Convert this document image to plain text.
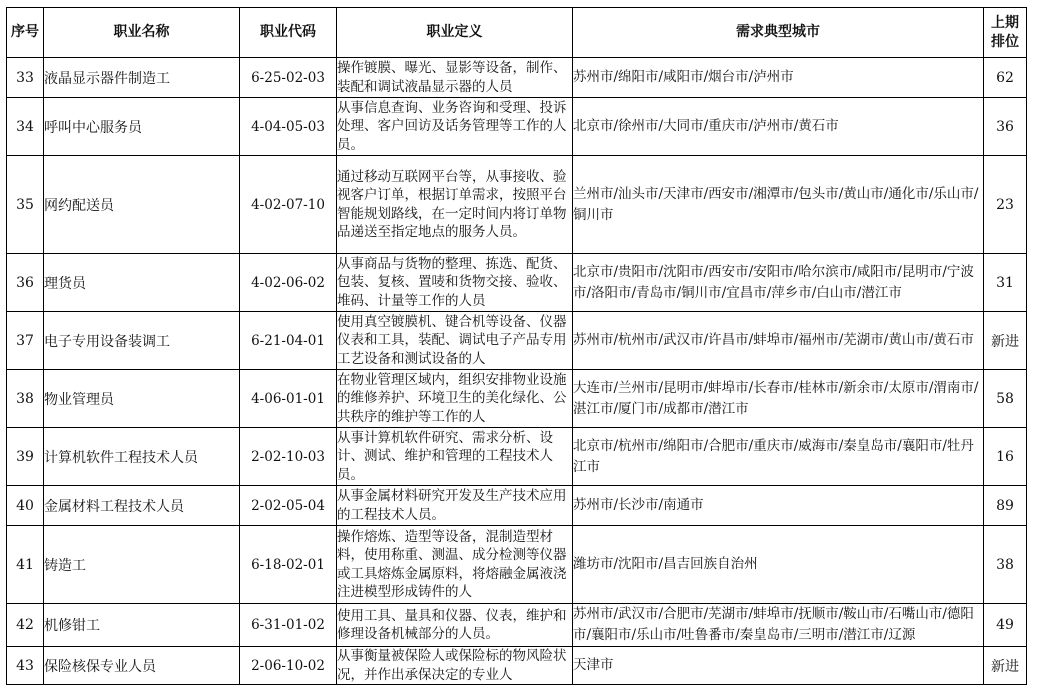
序号	职业名称	职业代码	职业定义	需求典型城市	上期
排位
33	液晶显示器件制造工	6-25-02-03	操作镀膜、曝光、显影等设备，制作、装配和调试液晶显示器的人员	苏州市/绵阳市/咸阳市/烟台市/泸州市	62
34	呼叫中心服务员	4-04-05-03	从事信息查询、业务咨询和受理、投诉处理、客户回访及话务管理等工作的人员。	北京市/徐州市/大同市/重庆市/泸州市/黄石市	36
35	网约配送员	4-02-07-10	通过移动互联网平台等，从事接收、验视客户订单，根据订单需求，按照平台智能规划路线，在一定时间内将订单物品递送至指定地点的服务人员。	兰州市/汕头市/天津市/西安市/湘潭市/包头市/黄山市/通化市/乐山市/铜川市	23
36	理货员	4-02-06-02	从事商品与货物的整理、拣选、配货、包装、复核、置唛和货物交接、验收、堆码、计量等工作的人员	北京市/贵阳市/沈阳市/西安市/安阳市/哈尔滨市/咸阳市/昆明市/宁波市/洛阳市/青岛市/铜川市/宜昌市/萍乡市/白山市/潜江市	31
37	电子专用设备装调工	6-21-04-01	使用真空镀膜机、键合机等设备、仪器仪表和工具，装配、调试电子产品专用工艺设备和测试设备的人	苏州市/杭州市/武汉市/许昌市/蚌埠市/福州市/芜湖市/黄山市/黄石市	新进
38	物业管理员	4-06-01-01	在物业管理区域内，组织安排物业设施的维修养护、环境卫生的美化绿化、公共秩序的维护等工作的人	大连市/兰州市/昆明市/蚌埠市/长春市/桂林市/新余市/太原市/渭南市/湛江市/厦门市/成都市/潜江市	58
39	计算机软件工程技术人员	2-02-10-03	从事计算机软件研究、需求分析、设计、测试、维护和管理的工程技术人员。	北京市/杭州市/绵阳市/合肥市/重庆市/威海市/秦皇岛市/襄阳市/牡丹江市	16
40	金属材料工程技术人员	2-02-05-04	从事金属材料研究开发及生产技术应用的工程技术人员。	苏州市/长沙市/南通市	89
41	铸造工	6-18-02-01	操作熔炼、造型等设备，混制造型材料，使用称重、测温、成分检测等仪器或工具熔炼金属原料，将熔融金属液浇注进模型形成铸件的人	潍坊市/沈阳市/昌吉回族自治州	38
42	机修钳工	6-31-01-02	使用工具、量具和仪器、仪表，维护和修理设备机械部分的人员。	苏州市/武汉市/合肥市/芜湖市/蚌埠市/抚顺市/鞍山市/石嘴山市/德阳市/襄阳市/乐山市/吐鲁番市/秦皇岛市/三明市/潜江市/辽源	49
43	保险核保专业人员	2-06-10-02	从事衡量被保险人或保险标的物风险状况，并作出承保决定的专业人	天津市	新进
